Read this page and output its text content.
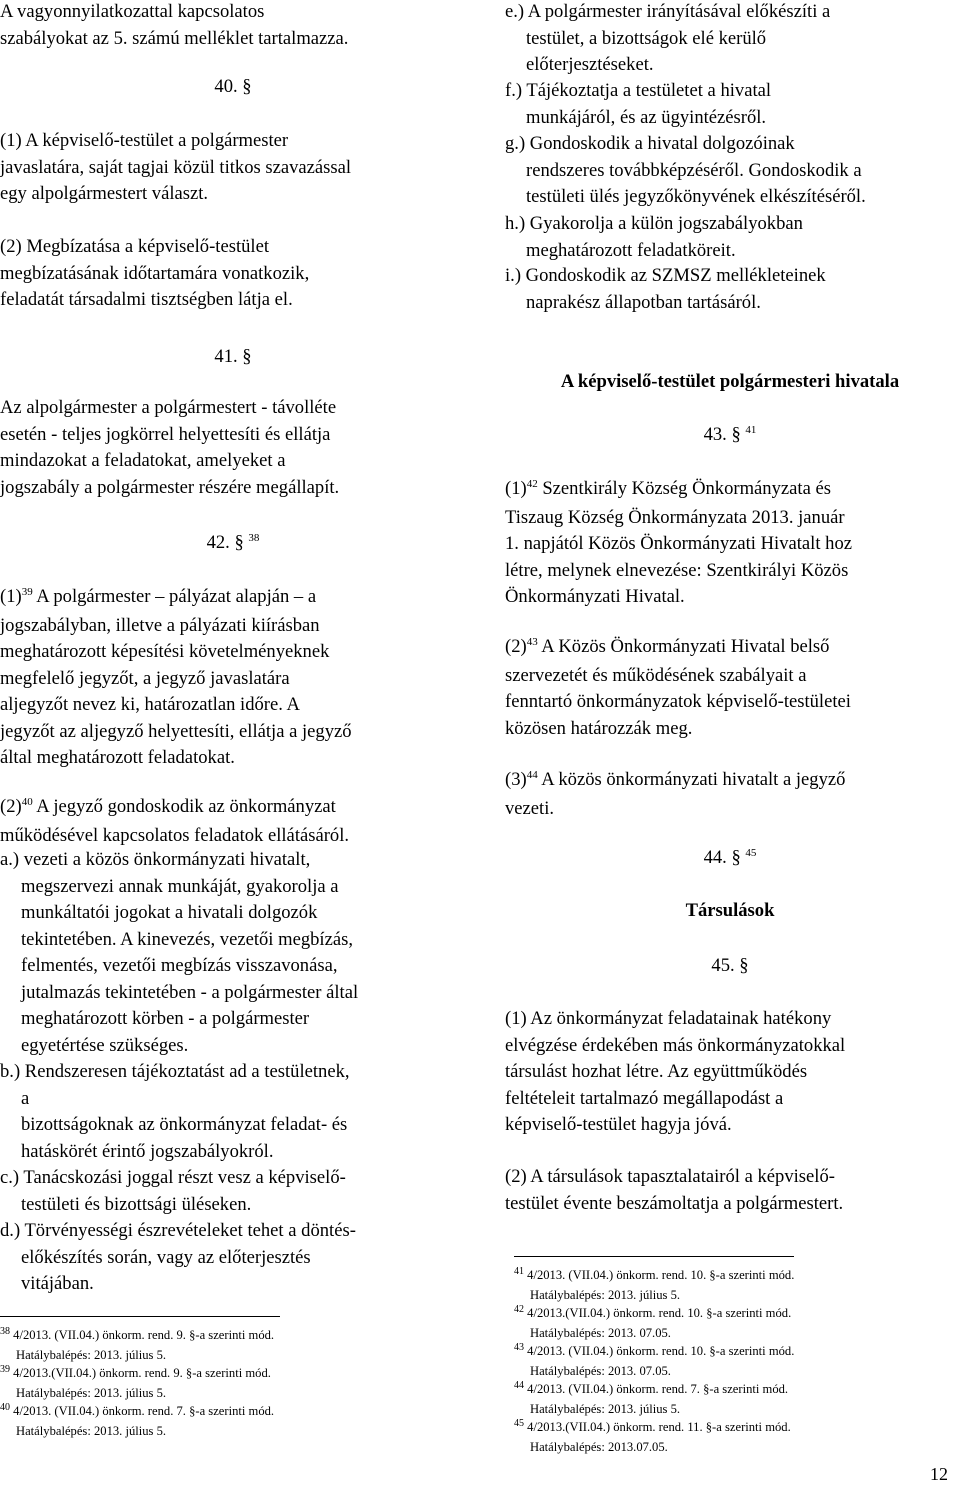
A vagyonnyilatkozattal kapcsolatos
szabályokat az 5. számú melléklet tartalmazza.

40. §

(1) A képviselő-testület a polgármester
javaslatára, saját tagjai közül titkos szavazással
egy alpolgármestert választ.

(2) Megbízatása a képviselő-testület
megbízatásának időtartamára vonatkozik,
feladatát társadalmi tisztségben látja el.

41. §

Az alpolgármester a polgármestert - távolléte
esetén - teljes jogkörrel helyettesíti és ellátja
mindazokat a feladatokat, amelyeket a
jogszabály a polgármester részére megállapít.

42. § $^{38}$

$(1)^{39}$ A polgármester – pályázat alapján – a
jogszabályban, illetve a pályázati kiírásban
meghatározott képesítési követelményeknek
megfelelő jegyzőt, a jegyző javaslatára
aljegyzőt nevez ki, határozatlan időre. A
jegyzőt az aljegyző helyettesíti, ellátja a jegyző
által meghatározott feladatokat.

$(2)^{40}$ A jegyző gondoskodik az önkormányzat
működésével kapcsolatos feladatok ellátásáról.

a.) vezeti a közös önkormányzati hivatalt,
megszervezi annak munkáját, gyakorolja a
munkáltatói jogokat a hivatali dolgozók
tekintetében. A kinevezés, vezetői megbízás,
felmentés, vezetői megbízás visszavonása,
jutalmazás tekintetében - a polgármester által
meghatározott körben - a polgármester
egyetértése szükséges.

b.) Rendszeresen tájékoztatást ad a testületnek,
a
bizottságoknak az önkormányzat feladat- és
hatáskörét érintő jogszabályokról.

c.) Tanácskozási joggal részt vesz a képviselő-
testületi és bizottsági üléseken.

d.) Törvényességi észrevételeket tehet a döntés-
előkészítés során, vagy az előterjesztés
vitájában.

$^{38}$ 4/2013. (VII.04.) önkorm. rend. 9. §-a szerinti mód.

Hatálybalépés: 2013. július 5.

$^{39}$ 4/2013.(VII.04.) önkorm. rend. 9. §-a szerinti mód.

Hatálybalépés: 2013. július 5.

$^{40}$ 4/2013. (VII.04.) önkorm. rend. 7. §-a szerinti mód.

Hatálybalépés: 2013. július 5.

e.) A polgármester irányításával előkészíti a
testület, a bizottságok elé kerülő
előterjesztéseket.

f.) Tájékoztatja a testületet a hivatal
munkájáról, és az ügyintézésről.

g.) Gondoskodik a hivatal dolgozóinak
rendszeres továbbképzéséről. Gondoskodik a
testületi ülés jegyzőkönyvének elkészítéséről.

h.) Gyakorolja a külön jogszabályokban
meghatározott feladatköreit.

i.) Gondoskodik az SZMSZ mellékleteinek
naprakész állapotban tartásáról.

A képviselő-testület polgármesteri hivatala

43. § $^{41}$

$(1)^{42}$ Szentkirály Község Önkormányzata és
Tiszaug Község Önkormányzata 2013. január
1. napjától Közös Önkormányzati Hivatalt hoz
létre, melynek elnevezése: Szentkirályi Közös
Önkormányzati Hivatal.

$(2)^{43}$ A Közös Önkormányzati Hivatal belső
szervezetét és működésének szabályait a
fenntartó önkormányzatok képviselő-testületei
közösen határozzák meg.

$(3)^{44}$ A közös önkormányzati hivatalt a jegyző
vezeti.

44. § $^{45}$

Társulások

45. §

(1) Az önkormányzat feladatainak hatékony
elvégzése érdekében más önkormányzatokkal
társulást hozhat létre. Az együttműködés
feltételeit tartalmazó megállapodást a
képviselő-testület hagyja jóvá.

(2) A társulások tapasztalatairól a képviselő-
testület évente beszámoltatja a polgármestert.

$^{41}$ 4/2013. (VII.04.) önkorm. rend. 10. §-a szerinti mód.

Hatálybalépés: 2013. július 5.

$^{42}$ 4/2013.(VII.04.) önkorm. rend. 10. §-a szerinti mód.

Hatálybalépés: 2013. 07.05.

$^{43}$ 4/2013. (VII.04.) önkorm. rend. 10. §-a szerinti mód.

Hatálybalépés: 2013. 07.05.

$^{44}$ 4/2013. (VII.04.) önkorm. rend. 7. §-a szerinti mód.

Hatálybalépés: 2013. július 5.

$^{45}$ 4/2013.(VII.04.) önkorm. rend. 11. §-a szerinti mód.

Hatálybalépés: 2013.07.05.

12
